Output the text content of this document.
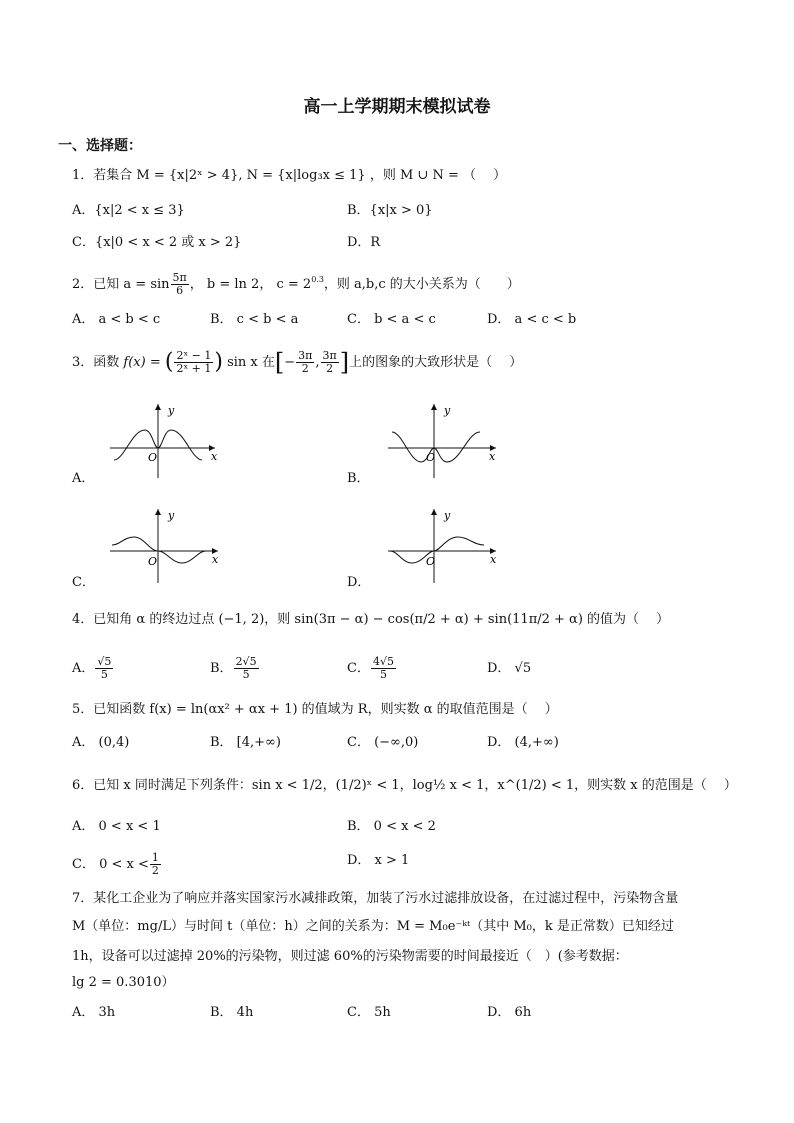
高一上学期期末模拟试卷
一、选择题：
1．若集合 M = {x|2ˣ > 4}, N = {x|log₃x ≤ 1} ，则 M ∪ N = （　 ）
A．{x|2 < x ≤ 3}	B．{x|x > 0}
C．{x|0 < x < 2 或 x > 2}	D．R
2．已知 $a = \sin \frac{5\pi}{6}$ ， b = ln 2， $c = 2^{0.3}$，则 a,b,c 的大小关系为（　　）
A． a < b < c	B． c < b < a	C． b < a < c	D． a < c < b
3．函数 f(x) = ( $\frac{\text{2ˣ − 1}}{\text{2ˣ + 1}}$ ) sin x 在[− $\frac{3\pi}{2}$ , $\frac{3\pi}{2}$ ]上的图象的大致形状是（　 ）
y
x
O
A．
y
x
O
B．
y
x
O
C．
y
x
O
D．
4．已知角 α 的终边过点 (−1, 2)，则 sin(3π − α) − cos(π/2 + α) + sin(11π/2 + α) 的值为（　 ）
A． $\frac{√5}{5}$	B． $\frac{2√5}{5}$	C． $\frac{4√5}{5}$	D． √5
5．已知函数 f(x) = ln(αx² + αx + 1) 的值域为 R，则实数 α 的取值范围是（　 ）
A． (0,4)	B． [4,+∞)	C． (−∞,0)	D． (4,+∞)
6．已知 x 同时满足下列条件：sin x < 1/2，(1/2)ˣ < 1，log½ x < 1，x^(1/2) < 1，则实数 x 的范围是（　 ）
A． 0 < x < 1	B． 0 < x < 2
C． $0 < x < \frac{1}{2}$	D． x > 1
7．某化工企业为了响应并落实国家污水减排政策，加装了污水过滤排放设备，在过滤过程中，污染物含量
M（单位：mg/L）与时间 t（单位：h）之间的关系为：M = M₀e⁻ᵏᵗ（其中 M₀，k 是正常数）已知经过
1h，设备可以过滤掉 20%的污染物，则过滤 60%的污染物需要的时间最接近（　）(参考数据：
lg 2 = 0.3010）
A． 3h	B． 4h	C． 5h	D． 6h
